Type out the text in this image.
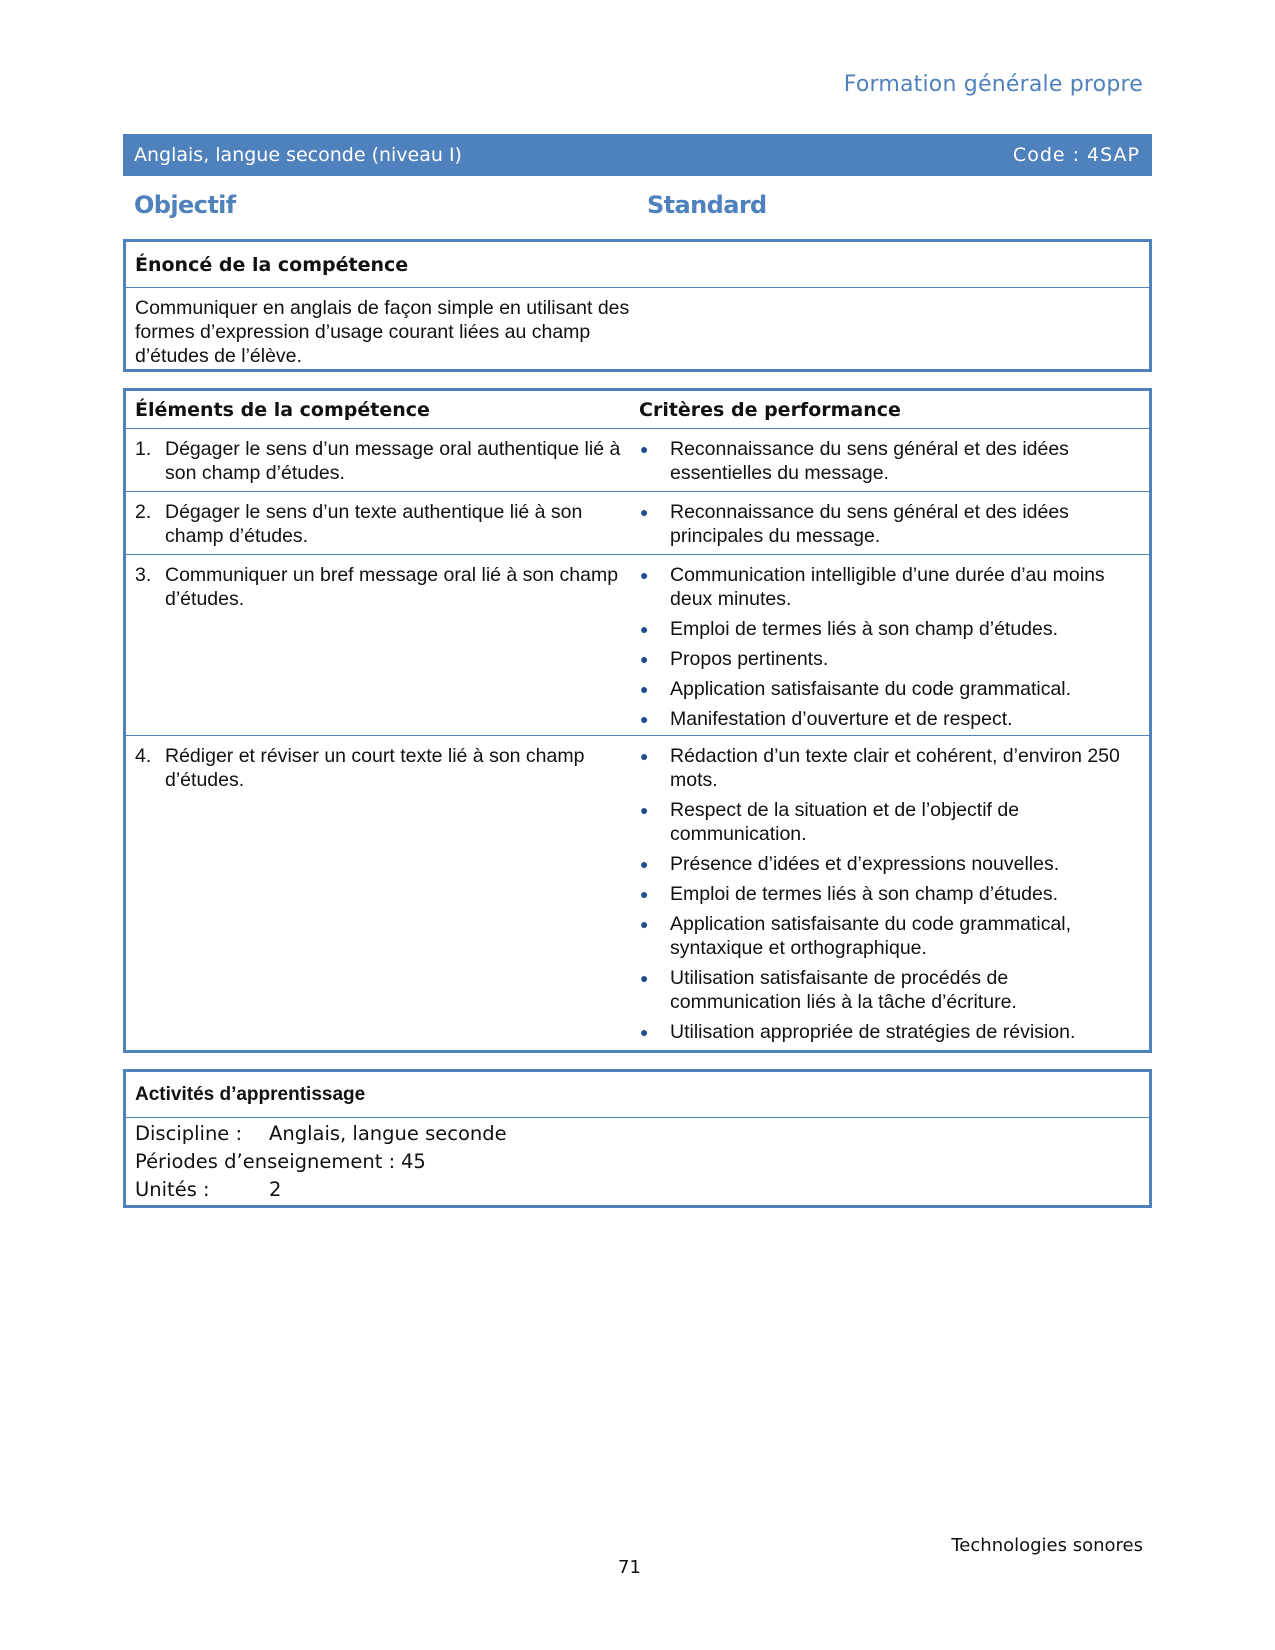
Formation générale propre
Anglais, langue seconde (niveau I)	Code : 4SAP
Objectif	Standard
Énoncé de la compétence
Communiquer en anglais de façon simple en utilisant des formes d’expression d’usage courant liées au champ d’études de l’élève.
Éléments de la compétence	Critères de performance
1. Dégager le sens d’un message oral authentique lié à son champ d’études.
●	Reconnaissance du sens général et des idées essentielles du message.
2. Dégager le sens d’un texte authentique lié à son champ d’études.
●	Reconnaissance du sens général et des idées principales du message.
3. Communiquer un bref message oral lié à son champ d’études.
●	Communication intelligible d’une durée d’au moins deux minutes.
●	Emploi de termes liés à son champ d’études.
●	Propos pertinents.
●	Application satisfaisante du code grammatical.
●	Manifestation d’ouverture et de respect.
4. Rédiger et réviser un court texte lié à son champ d’études.
●	Rédaction d’un texte clair et cohérent, d’environ 250 mots.
●	Respect de la situation et de l’objectif de communication.
●	Présence d’idées et d’expressions nouvelles.
●	Emploi de termes liés à son champ d’études.
●	Application satisfaisante du code grammatical, syntaxique et orthographique.
●	Utilisation satisfaisante de procédés de communication liés à la tâche d’écriture.
●	Utilisation appropriée de stratégies de révision.
Activités d’apprentissage
Discipline :	Anglais, langue seconde
Périodes d’enseignement : 45
Unités :	2
Technologies sonores
71
